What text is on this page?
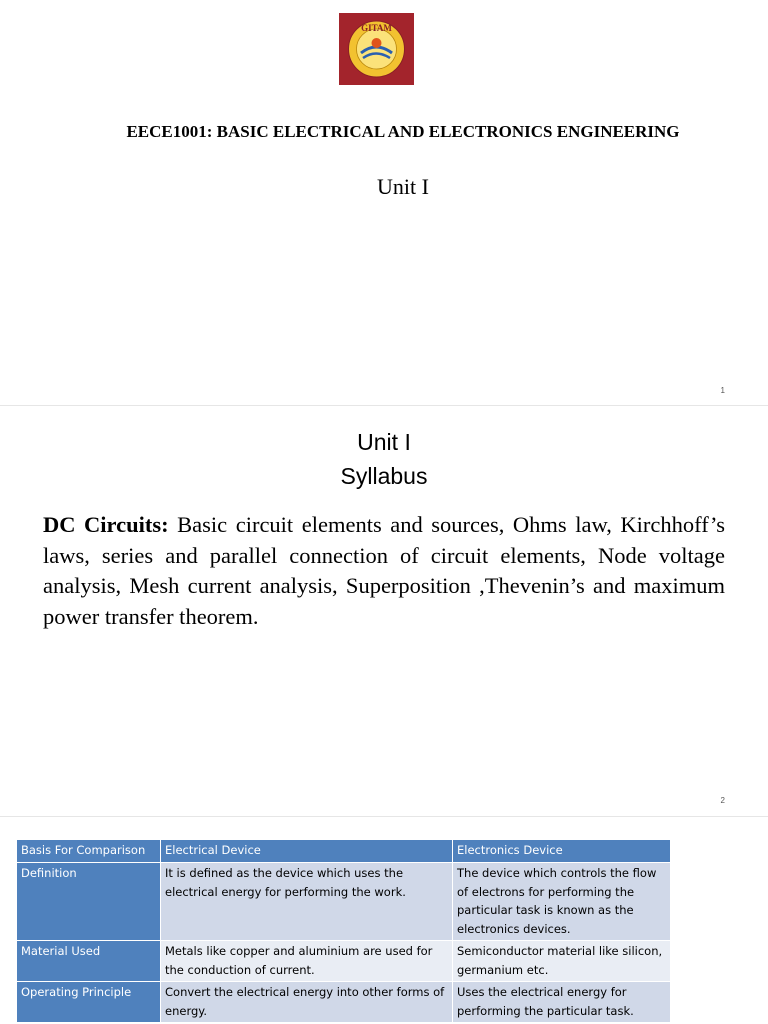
GITAM
EECE1001: BASIC ELECTRICAL AND ELECTRONICS ENGINEERING
Unit I
1
Unit I
Syllabus
DC Circuits: Basic circuit elements and sources, Ohms law, Kirchhoff’s laws, series and parallel connection of circuit elements, Node voltage analysis, Mesh current analysis, Superposition ,Thevenin’s and maximum power transfer theorem.
2
Basis For Comparison	Electrical Device	Electronics Device
Definition	It is defined as the device which uses the electrical energy for performing the work.	The device which controls the flow of electrons for performing the particular task is known as the electronics devices.
Material Used	Metals like copper and aluminium are used for the conduction of current.	Semiconductor material like silicon, germanium etc.
Operating Principle	Convert the electrical energy into other forms of energy.	Uses the electrical energy for performing the particular task.
